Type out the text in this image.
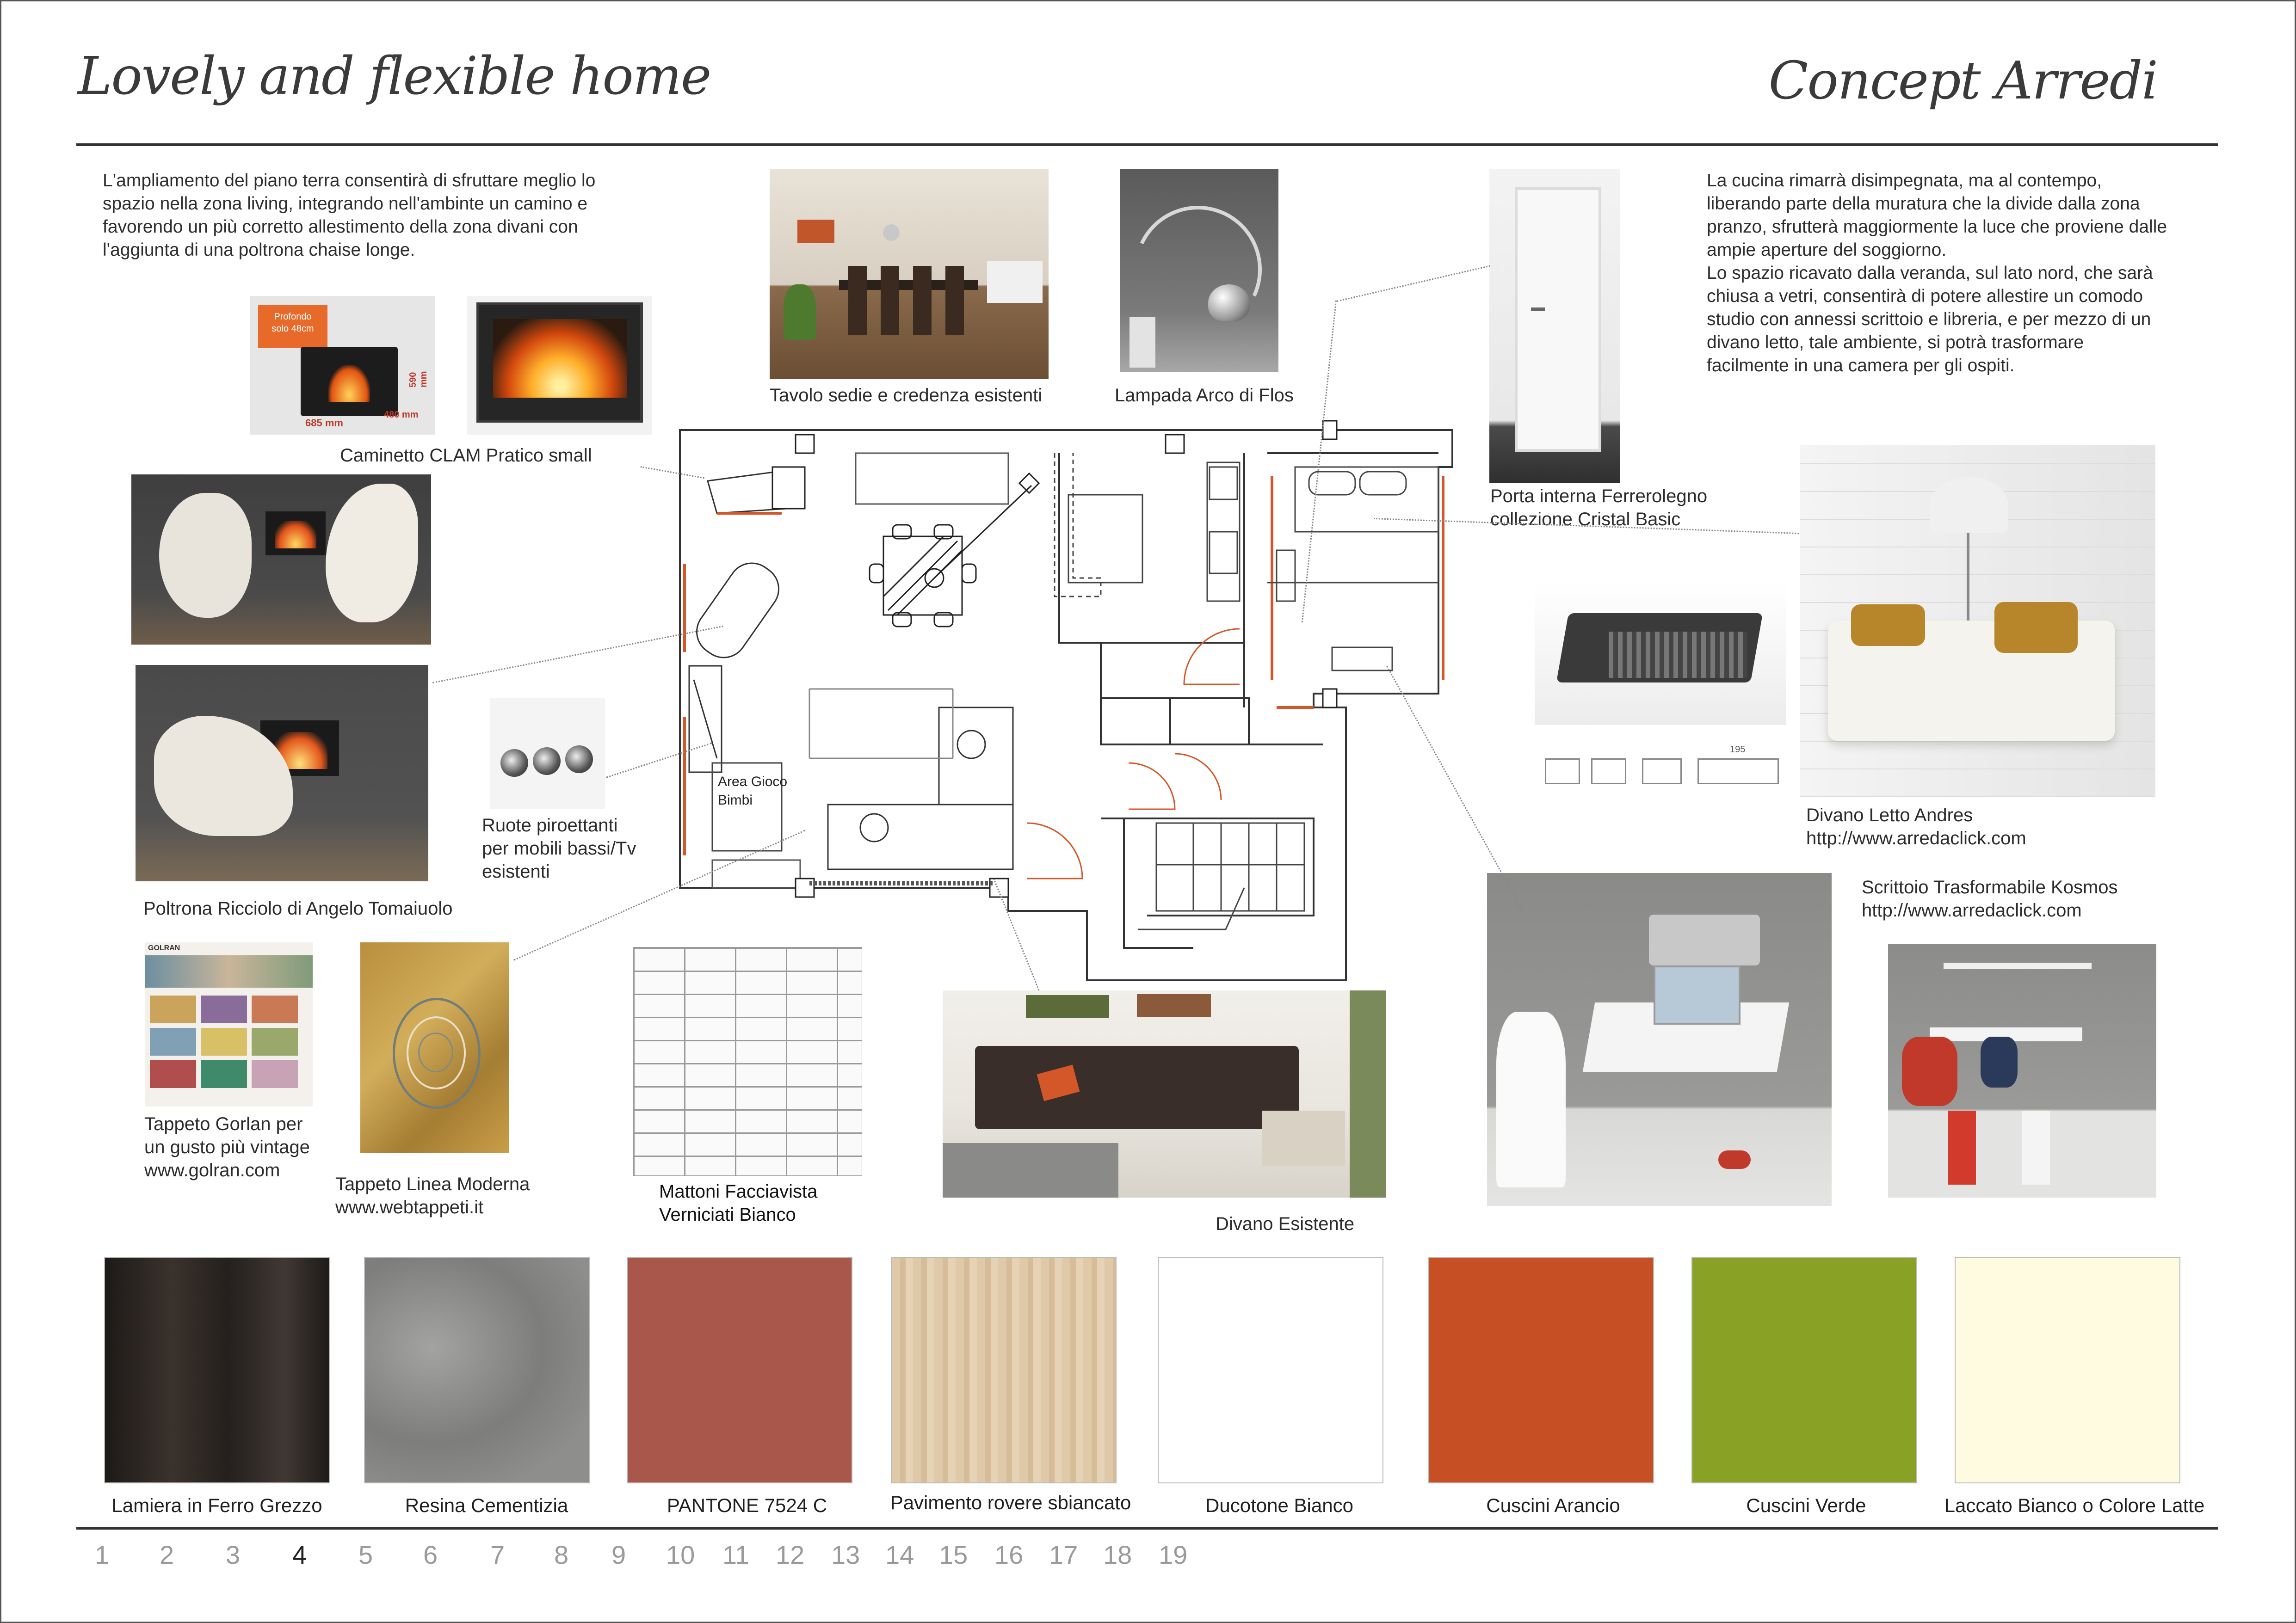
Lovely and flexible home	Concept Arredi
L'ampliamento del piano terra consentirà di sfruttare meglio lo spazio nella zona living, integrando nell'ambinte un camino e favorendo un più corretto allestimento della zona divani con l'aggiunta di una poltrona chaise longe.
La cucina rimarrà disimpegnata, ma al contempo, liberando parte della muratura che la divide dalla zona pranzo, sfrutterà maggiormente la luce che proviene dalle ampie aperture del soggiorno.
Lo spazio ricavato dalla veranda, sul lato nord, che sarà chiusa a vetri, consentirà di potere allestire un comodo studio con annessi scrittoio e libreria, e per mezzo di un divano letto, tale ambiente, si potrà trasformare facilmente in una camera per gli ospiti.
Profondo
solo 48cm
685 mm
480 mm
590 mm
Caminetto CLAM Pratico small
Tavolo sedie e credenza esistenti	Lampada Arco di Flos
Porta interna Ferrerolegno
collezione Cristal Basic
Poltrona Ricciolo di Angelo Tomaiuolo
Ruote piroettanti
per mobili bassi/Tv
esistenti
GOLRAN
Tappeto Gorlan per
un gusto più vintage
www.golran.com
Tappeto Linea Moderna
www.webtappeti.it
Mattoni Facciavista
Verniciati Bianco	Divano Esistente
195
Divano Letto Andres
http://www.arredaclick.com
Scrittoio Trasformabile Kosmos
http://www.arredaclick.com
Area Gioco
Bimbi
Lamiera in Ferro Grezzo	Resina Cementizia	PANTONE 7524 C	Pavimento rovere sbiancato	Ducotone Bianco	Cuscini Arancio	Cuscini Verde	Laccato Bianco o Colore Latte
1 2 3 4 5 6 7 8 9 10 11 12 13 14 15 16 17 18 19
